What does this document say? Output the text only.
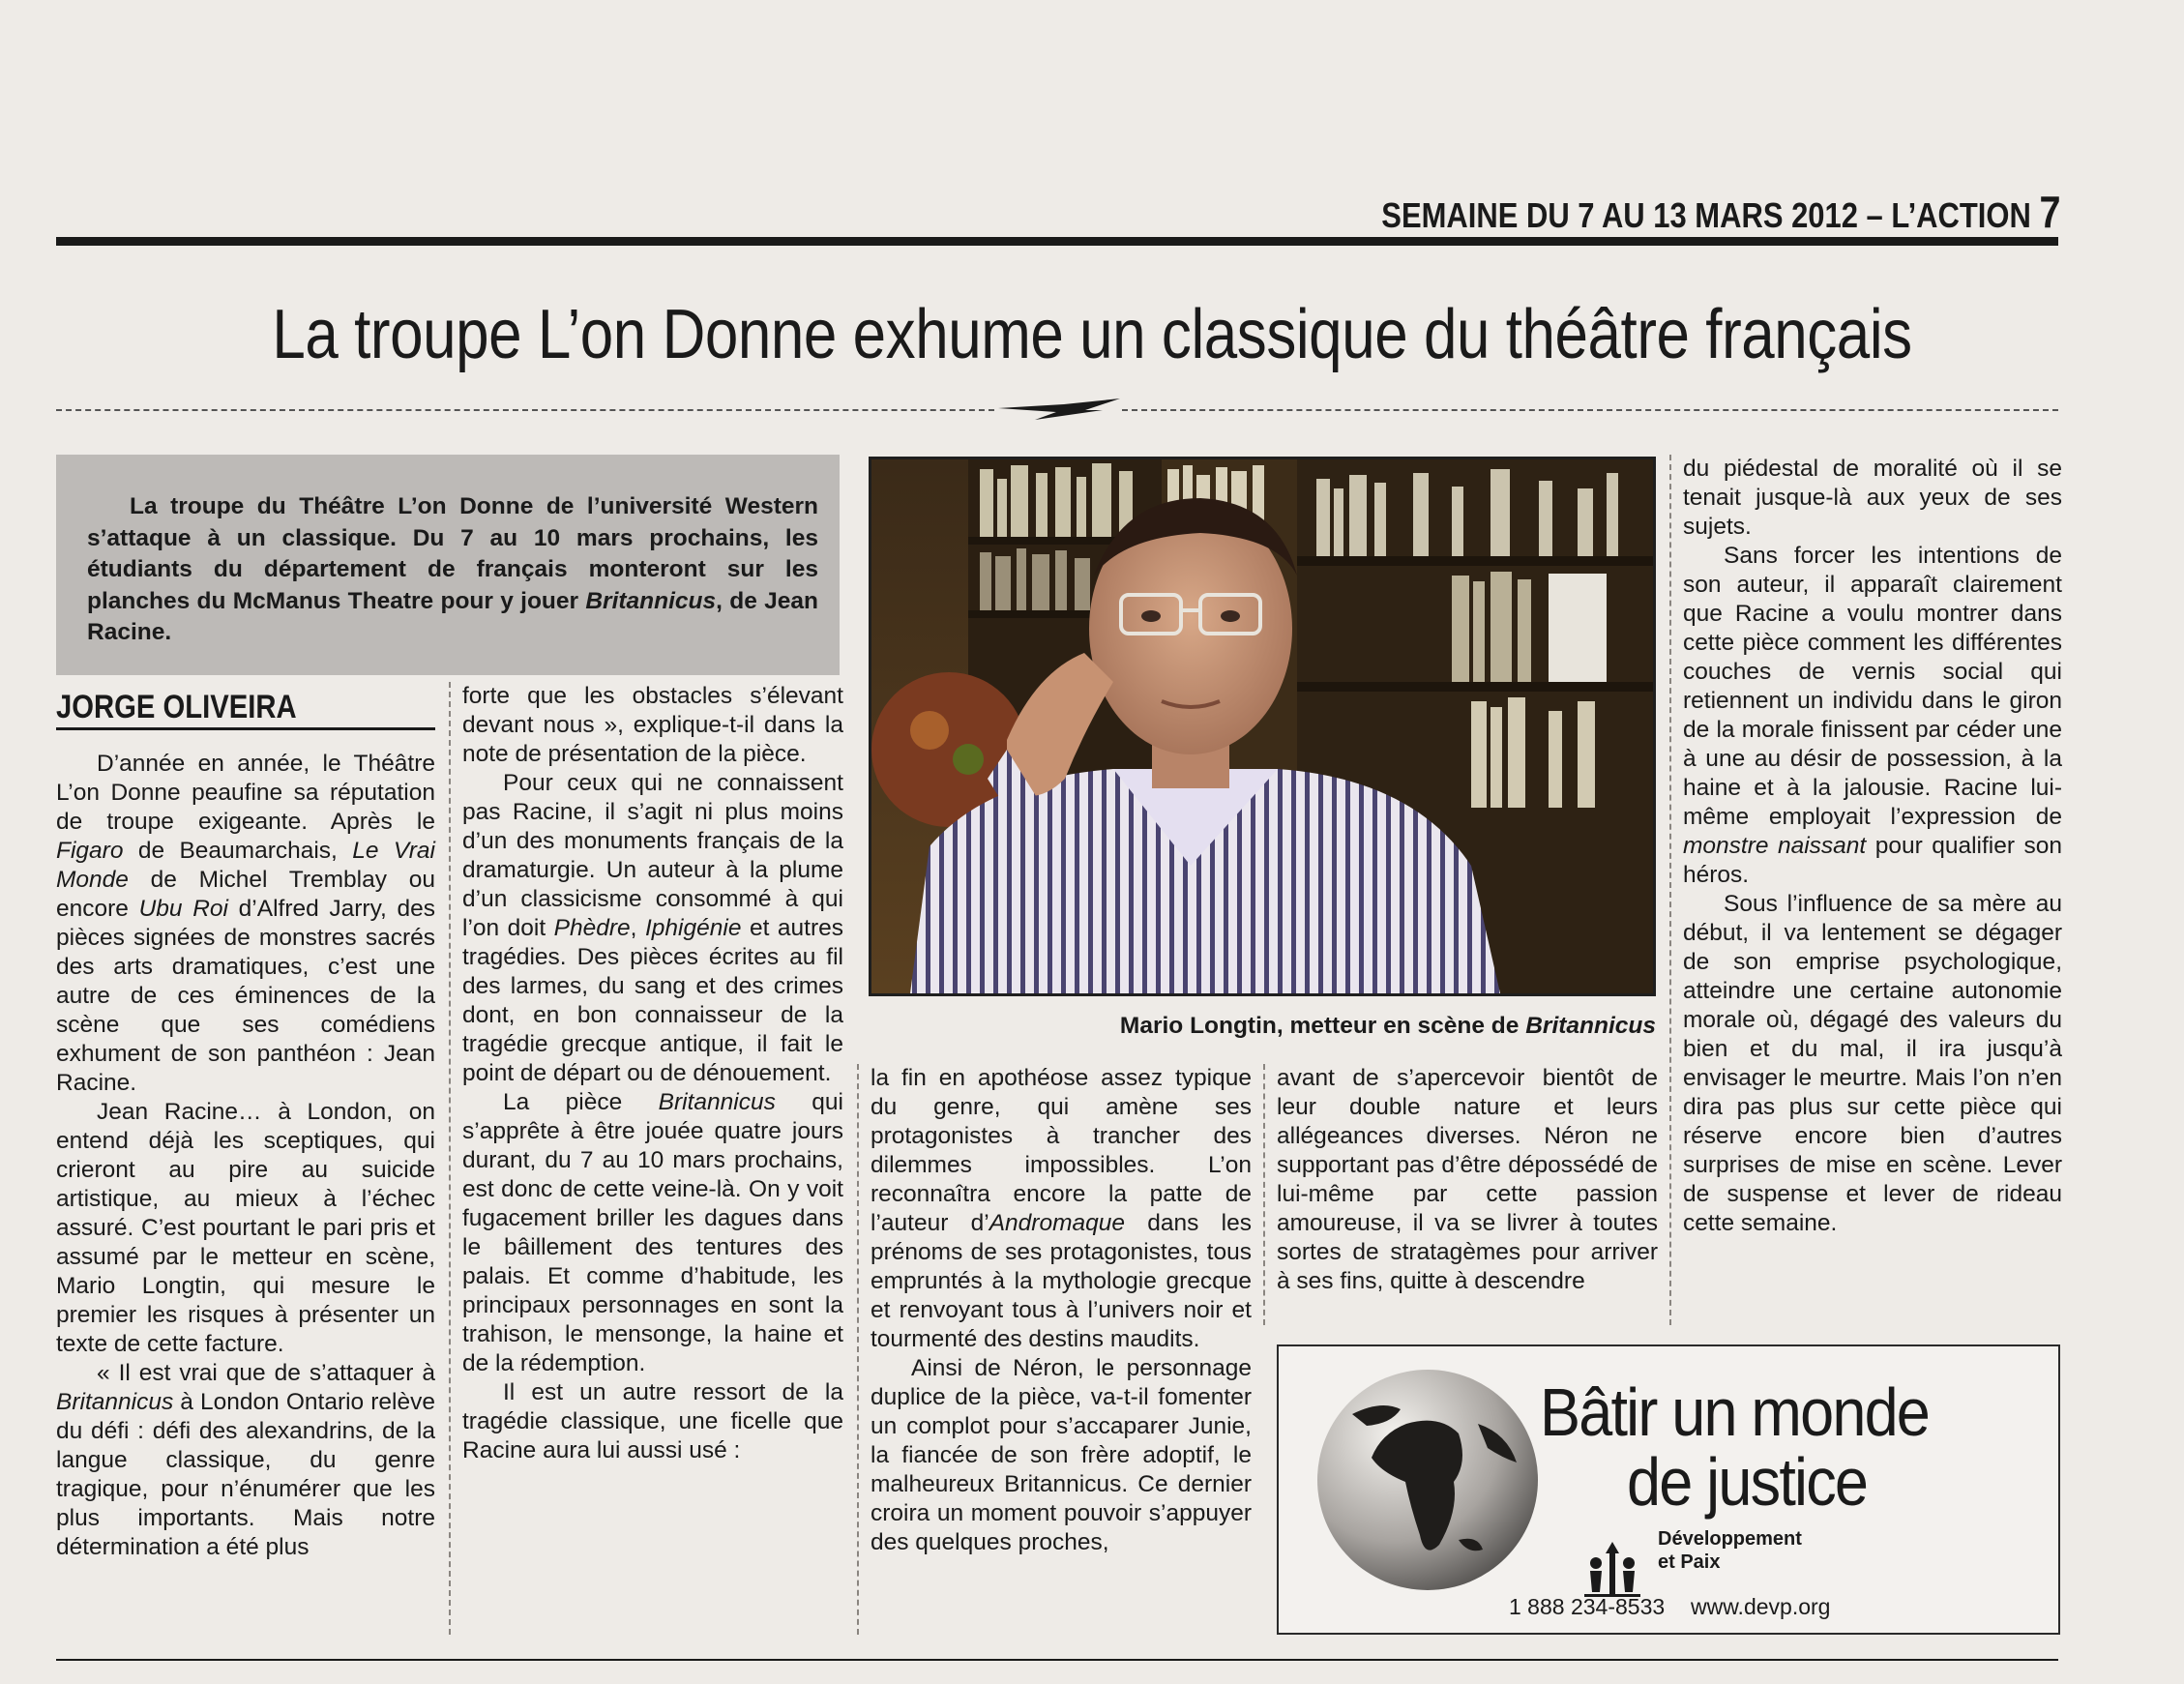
SEMAINE DU 7 AU 13 MARS 2012 – L’ACTION 7
La troupe L’on Donne exhume un classique du théâtre français

La troupe du Théâtre L’on Donne de l’université Western s’attaque à un classique. Du 7 au 10 mars prochains, les étudiants du département de français monteront sur les planches du McManus Theatre pour y jouer Britannicus, de Jean Racine.

JORGE OLIVEIRA

D’année en année, le Théâtre L’on Donne peaufine sa réputation de troupe exigeante. Après le Figaro de Beaumarchais, Le Vrai Monde de Michel Tremblay ou encore Ubu Roi d’Alfred Jarry, des pièces signées de monstres sacrés des arts dramatiques, c’est une autre de ces éminences de la scène que ses comédiens exhument de son panthéon : Jean Racine.

Jean Racine… à London, on entend déjà les sceptiques, qui crieront au pire au suicide artistique, au mieux à l’échec assuré. C’est pourtant le pari pris et assumé par le metteur en scène, Mario Longtin, qui mesure le premier les risques à présenter un texte de cette facture.

« Il est vrai que de s’attaquer à Britannicus à London Ontario relève du défi : défi des alexandrins, de la langue classique, du genre tragique, pour n’énumérer que les plus importants. Mais notre détermination a été plus

forte que les obstacles s’élevant devant nous », explique-t-il dans la note de présentation de la pièce.

Pour ceux qui ne connaissent pas Racine, il s’agit ni plus moins d’un des monuments français de la dramaturgie. Un auteur à la plume d’un classicisme consommé à qui l’on doit Phèdre, Iphigénie et autres tragédies. Des pièces écrites au fil des larmes, du sang et des crimes dont, en bon connaisseur de la tragédie grecque antique, il fait le point de départ ou de dénouement.

La pièce Britannicus qui s’apprête à être jouée quatre jours durant, du 7 au 10 mars prochains, est donc de cette veine-là. On y voit fugacement briller les dagues dans le bâillement des tentures des palais. Et comme d’habitude, les principaux personnages en sont la trahison, le mensonge, la haine et de la rédemption.

Il est un autre ressort de la tragédie classique, une ficelle que Racine aura lui aussi usé :

Mario Longtin, metteur en scène de Britannicus

la fin en apothéose assez typique du genre, qui amène ses protagonistes à trancher des dilemmes impossibles. L’on reconnaîtra encore la patte de l’auteur d’Andromaque dans les prénoms de ses protagonistes, tous empruntés à la mythologie grecque et renvoyant tous à l’univers noir et tourmenté des destins maudits.

Ainsi de Néron, le personnage duplice de la pièce, va-t-il fomenter un complot pour s’accaparer Junie, la fiancée de son frère adoptif, le malheureux Britannicus. Ce dernier croira un moment pouvoir s’appuyer des quelques proches,

avant de s’apercevoir bientôt de leur double nature et leurs allégeances diverses. Néron ne supportant pas d’être dépossédé de lui-même par cette passion amoureuse, il va se livrer à toutes sortes de stratagèmes pour arriver à ses fins, quitte à descendre

du piédestal de moralité où il se tenait jusque-là aux yeux de ses sujets.

Sans forcer les intentions de son auteur, il apparaît clairement que Racine a voulu montrer dans cette pièce comment les différentes couches de vernis social qui retiennent un individu dans le giron de la morale finissent par céder une à une au désir de possession, à la haine et à la jalousie. Racine lui-même employait l’expression de monstre naissant pour qualifier son héros.

Sous l’influence de sa mère au début, il va lentement se dégager de son emprise psychologique, atteindre une certaine autonomie morale où, dégagé des valeurs du bien et du mal, il ira jusqu’à envisager le meurtre. Mais l’on n’en dira pas plus sur cette pièce qui réserve encore bien d’autres surprises de mise en scène. Lever de suspense et lever de rideau cette semaine.

Bâtir un monde
de justice
Développement
et Paix
1 888 234-8533 www.devp.org
